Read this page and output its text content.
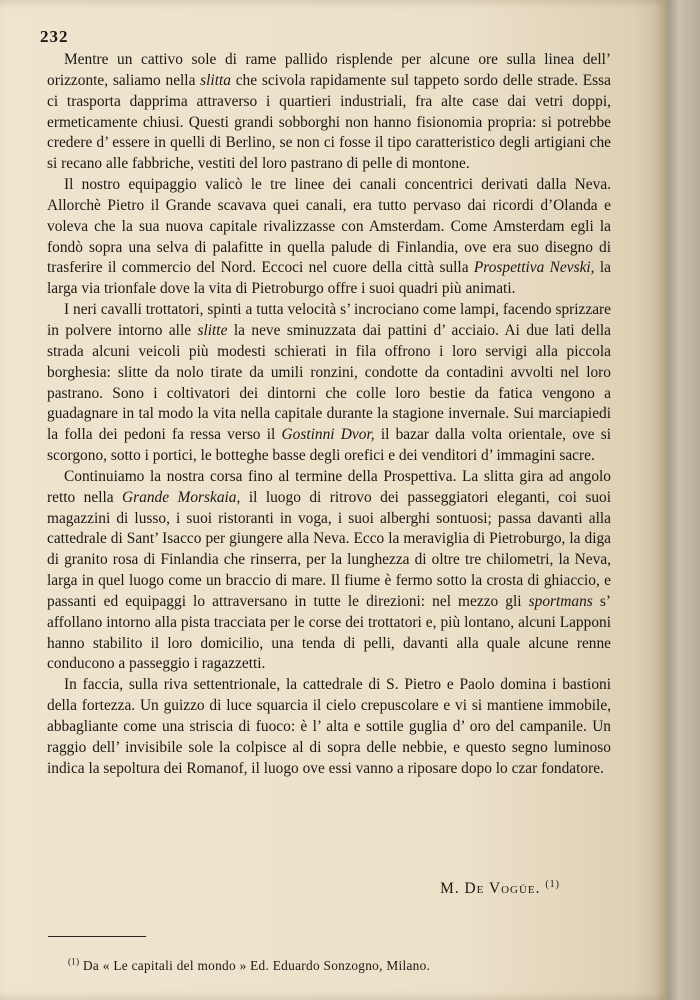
232

Mentre un cattivo sole di rame pallido risplende per alcune ore sulla linea dell’ orizzonte, saliamo nella slitta che scivola rapidamente sul tappeto sordo delle strade. Essa ci trasporta dapprima attraverso i quartieri industriali, fra alte case dai vetri doppi, ermeticamente chiusi. Questi grandi sobborghi non hanno fisionomia propria: si potrebbe credere d’ essere in quelli di Berlino, se non ci fosse il tipo caratteristico degli artigiani che si recano alle fabbriche, vestiti del loro pastrano di pelle di montone.

Il nostro equipaggio valicò le tre linee dei canali concentrici derivati dalla Neva. Allorchè Pietro il Grande scavava quei canali, era tutto pervaso dai ricordi d’Olanda e voleva che la sua nuova capitale rivalizzasse con Amsterdam. Come Amsterdam egli la fondò sopra una selva di palafitte in quella palude di Finlandia, ove era suo disegno di trasferire il commercio del Nord. Eccoci nel cuore della città sulla Prospettiva Nevski, la larga via trionfale dove la vita di Pietroburgo offre i suoi quadri più animati.

I neri cavalli trottatori, spinti a tutta velocità s’ incrociano come lampi, facendo sprizzare in polvere intorno alle slitte la neve sminuzzata dai pattini d’ acciaio. Ai due lati della strada alcuni veicoli più modesti schierati in fila offrono i loro servigi alla piccola borghesia: slitte da nolo tirate da umili ronzini, condotte da contadini avvolti nel loro pastrano. Sono i coltivatori dei dintorni che colle loro bestie da fatica vengono a guadagnare in tal modo la vita nella capitale durante la stagione invernale. Sui marciapiedi la folla dei pedoni fa ressa verso il Gostinni Dvor, il bazar dalla volta orientale, ove si scorgono, sotto i portici, le botteghe basse degli orefici e dei venditori d’ immagini sacre.

Continuiamo la nostra corsa fino al termine della Prospettiva. La slitta gira ad angolo retto nella Grande Morskaia, il luogo di ritrovo dei passeggiatori eleganti, coi suoi magazzini di lusso, i suoi ristoranti in voga, i suoi alberghi sontuosi; passa davanti alla cattedrale di Sant’ Isacco per giungere alla Neva. Ecco la meraviglia di Pietroburgo, la diga di granito rosa di Finlandia che rinserra, per la lunghezza di oltre tre chilometri, la Neva, larga in quel luogo come un braccio di mare. Il fiume è fermo sotto la crosta di ghiaccio, e passanti ed equipaggi lo attraversano in tutte le direzioni: nel mezzo gli sportmans s’ affollano intorno alla pista tracciata per le corse dei trottatori e, più lontano, alcuni Lapponi hanno stabilito il loro domicilio, una tenda di pelli, davanti alla quale alcune renne conducono a passeggio i ragazzetti.

In faccia, sulla riva settentrionale, la cattedrale di S. Pietro e Paolo domina i bastioni della fortezza. Un guizzo di luce squarcia il cielo crepuscolare e vi si mantiene immobile, abbagliante come una striscia di fuoco: è l’ alta e sottile guglia d’ oro del campanile. Un raggio dell’ invisibile sole la colpisce al di sopra delle nebbie, e questo segno luminoso indica la sepoltura dei Romanof, il luogo ove essi vanno a riposare dopo lo czar fondatore.

M. De Vogüe. $^{(1)}$
$^{(1)}$ Da « Le capitali del mondo » Ed. Eduardo Sonzogno, Milano.
